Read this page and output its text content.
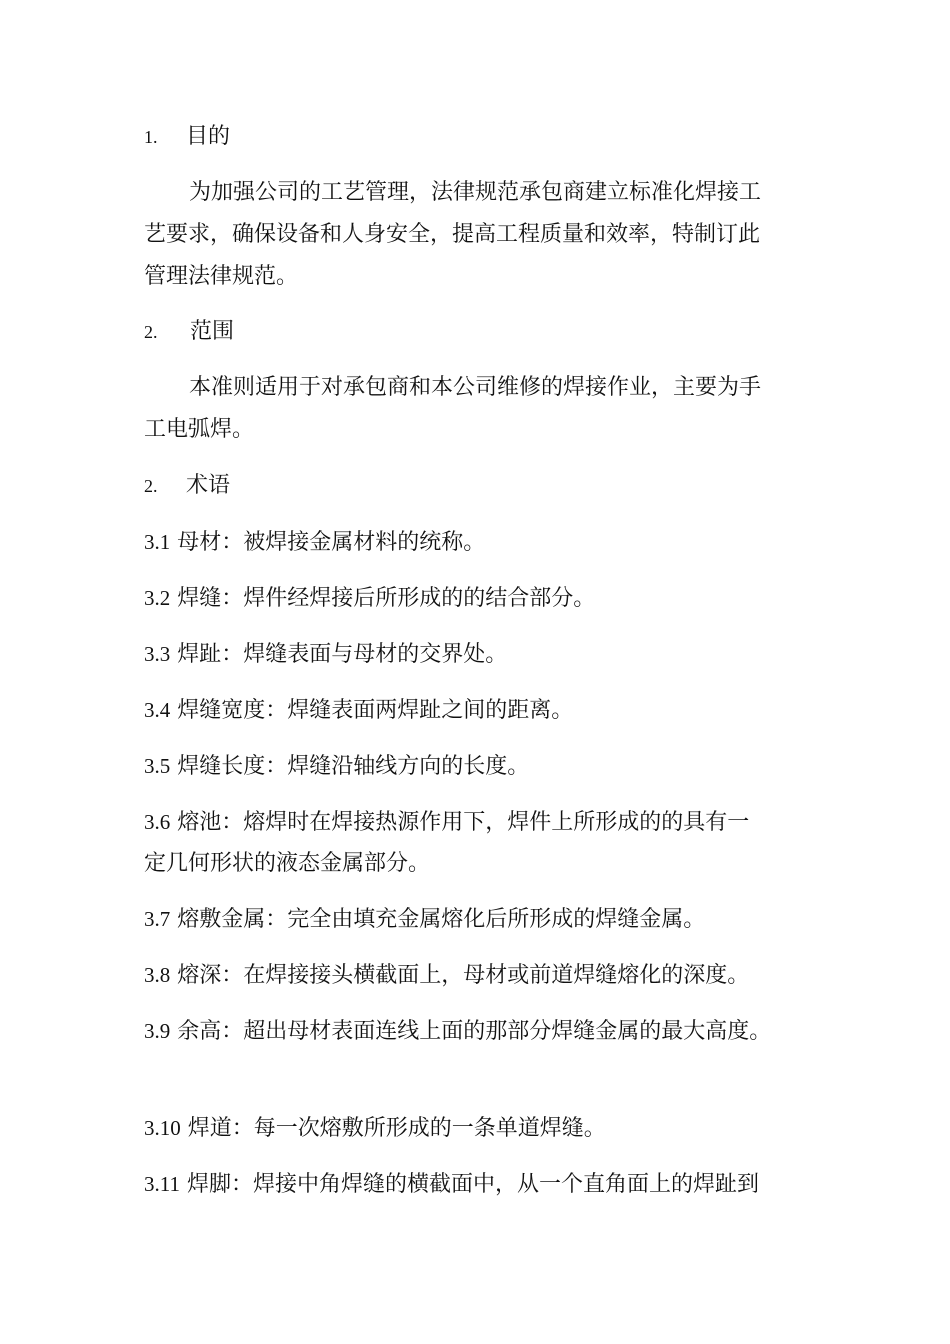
1. 目的
为加强公司的工艺管理，法律规范承包商建立标准化焊接工
艺要求，确保设备和人身安全，提高工程质量和效率，特制订此
管理法律规范。
2. 范围
本准则适用于对承包商和本公司维修的焊接作业，主要为手
工电弧焊。
2. 术语
3.1 母材：被焊接金属材料的统称。
3.2 焊缝：焊件经焊接后所形成的的结合部分。
3.3 焊趾：焊缝表面与母材的交界处。
3.4 焊缝宽度：焊缝表面两焊趾之间的距离。
3.5 焊缝长度：焊缝沿轴线方向的长度。
3.6 熔池：熔焊时在焊接热源作用下，焊件上所形成的的具有一
定几何形状的液态金属部分。
3.7 熔敷金属：完全由填充金属熔化后所形成的焊缝金属。
3.8 熔深：在焊接接头横截面上，母材或前道焊缝熔化的深度。
3.9 余高：超出母材表面连线上面的那部分焊缝金属的最大高度。
3.10 焊道：每一次熔敷所形成的一条单道焊缝。
3.11 焊脚：焊接中角焊缝的横截面中，从一个直角面上的焊趾到
